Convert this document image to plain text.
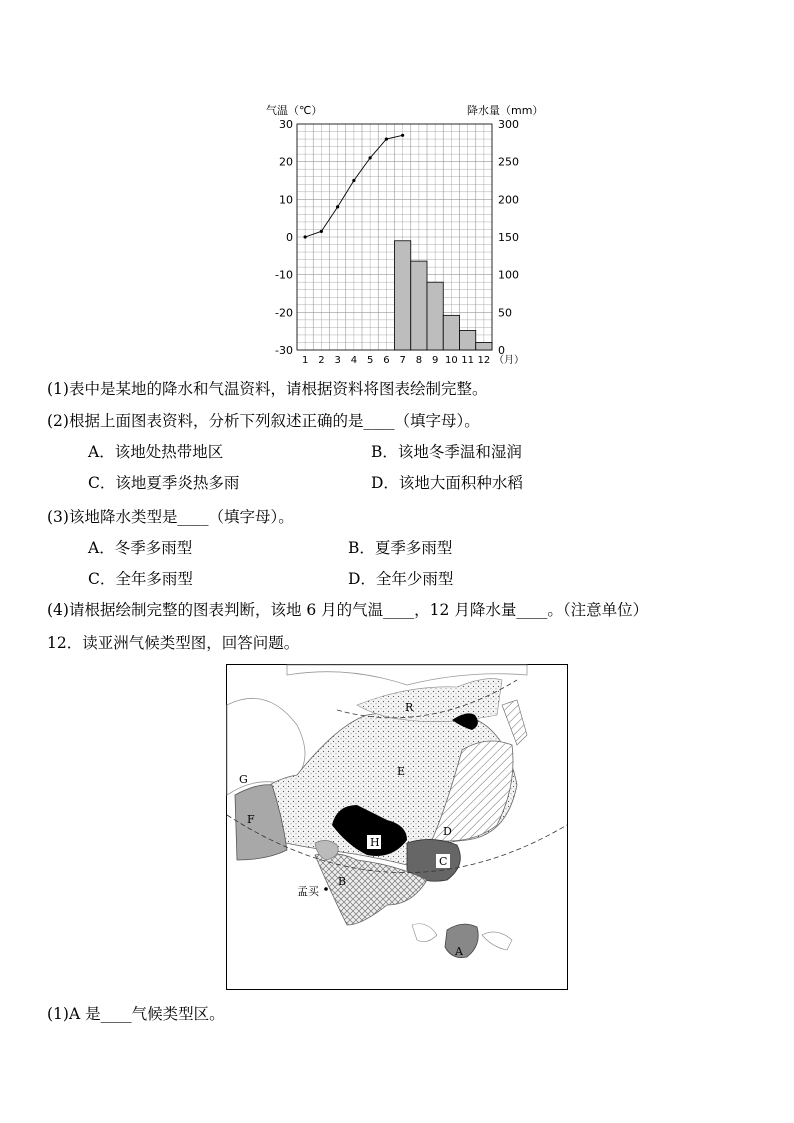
气温（℃）	降水量（mm）
30
20
10
0
-10
-20
-30
300
250
200
150
100
50
0
1 2 3 4 5 6 7 8 9 10 11 12 （月）
(1)表中是某地的降水和气温资料，请根据资料将图表绘制完整。
(2)根据上面图表资料，分析下列叙述正确的是____（填字母）。
A．该地处热带地区	B．该地冬季温和湿润
C．该地夏季炎热多雨	D．该地大面积种水稻
(3)该地降水类型是____（填字母）。
A．冬季多雨型	B．夏季多雨型
C．全年多雨型	D．全年少雨型
(4)请根据绘制完整的图表判断，该地 6 月的气温____，12 月降水量____。（注意单位）
12．读亚洲气候类型图，回答问题。
R
E
G
F
D
H
C
B
A
孟买
(1)A 是____气候类型区。
